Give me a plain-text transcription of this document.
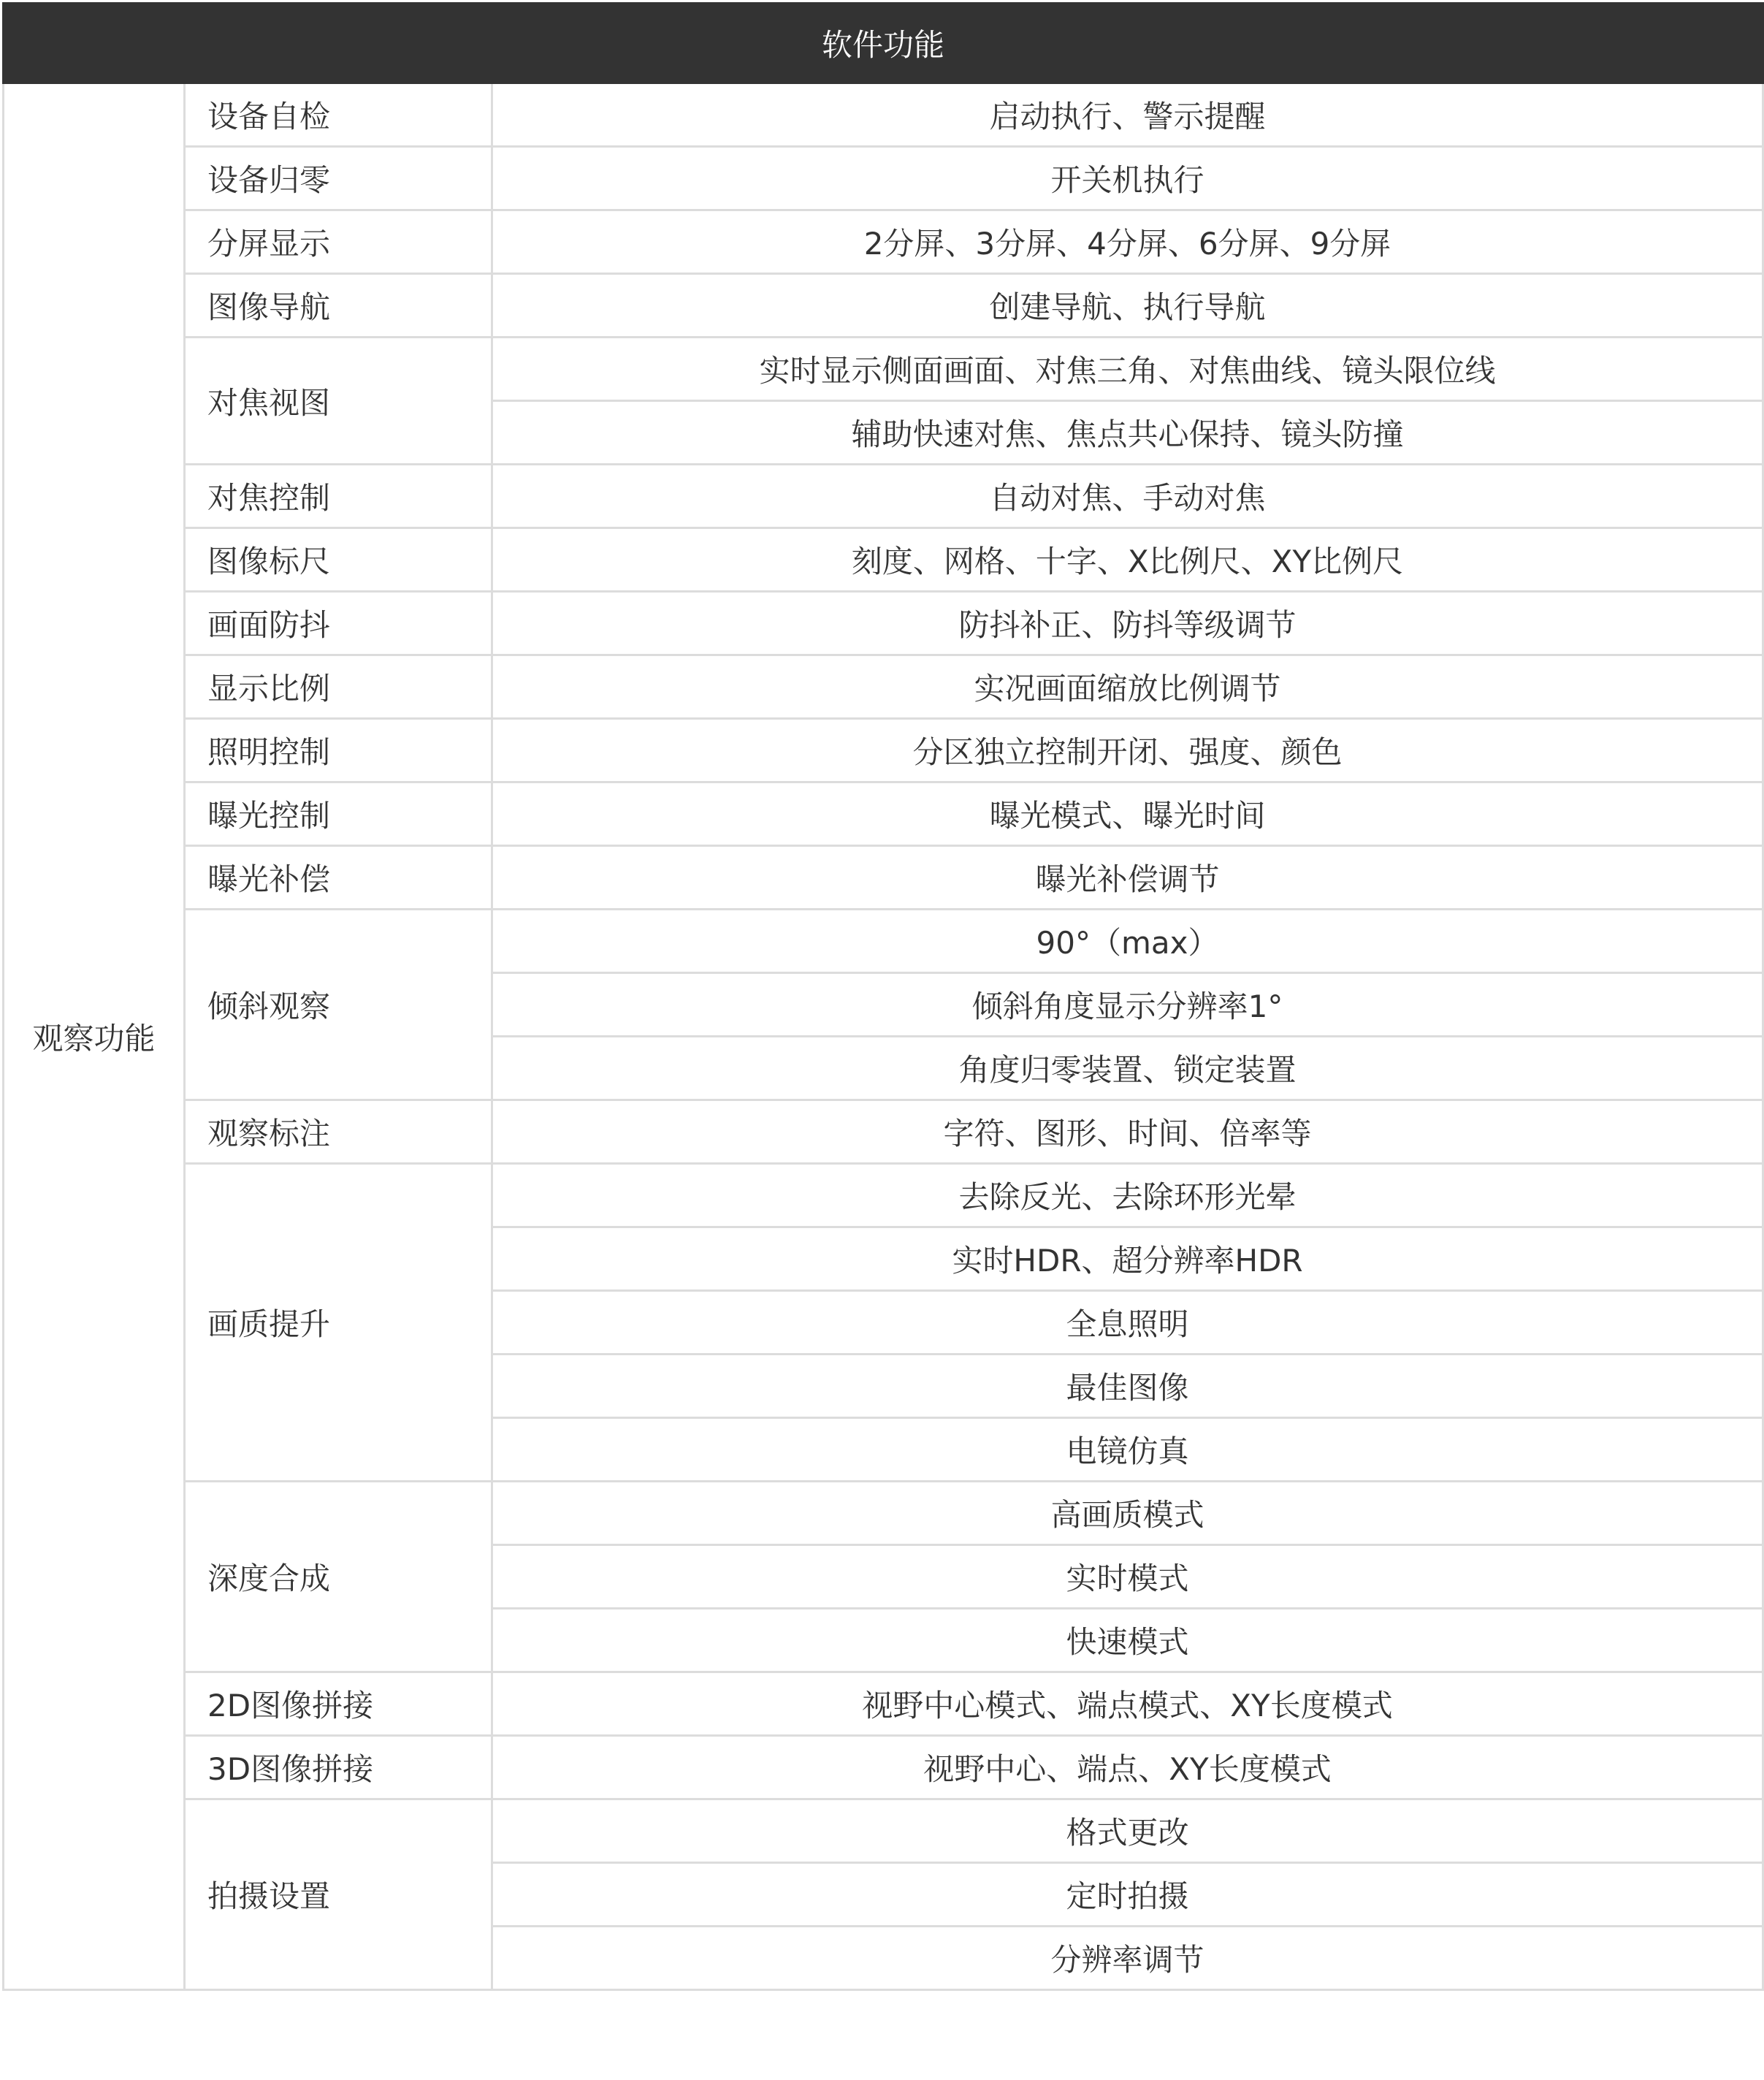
软件功能		
观察功能	设备自检	启动执行、警示提醒
	设备归零	开关机执行
	分屏显示	2分屏、3分屏、4分屏、6分屏、9分屏
	图像导航	创建导航、执行导航
	对焦视图	实时显示侧面画面、对焦三角、对焦曲线、镜头限位线
		辅助快速对焦、焦点共心保持、镜头防撞
	对焦控制	自动对焦、手动对焦
	图像标尺	刻度、网格、十字、X比例尺、XY比例尺
	画面防抖	防抖补正、防抖等级调节
	显示比例	实况画面缩放比例调节
	照明控制	分区独立控制开闭、强度、颜色
	曝光控制	曝光模式、曝光时间
	曝光补偿	曝光补偿调节
	倾斜观察	90°（max）
		倾斜角度显示分辨率1°
		角度归零装置、锁定装置
	观察标注	字符、图形、时间、倍率等
	画质提升	去除反光、去除环形光晕
		实时HDR、超分辨率HDR
		全息照明
		最佳图像
		电镜仿真
	深度合成	高画质模式
		实时模式
		快速模式
	2D图像拼接	视野中心模式、端点模式、XY长度模式
	3D图像拼接	视野中心、端点、XY长度模式
	拍摄设置	格式更改
		定时拍摄
		分辨率调节
